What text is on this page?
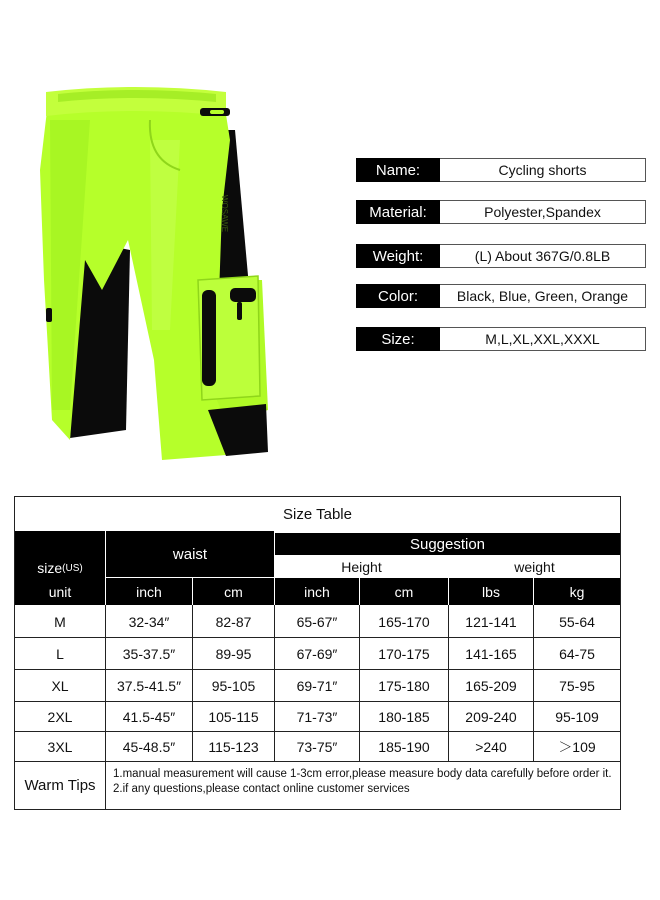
WOSAWE
Name:	Cycling shorts
Material:	Polyester,Spandex
Weight:	(L) About 367G/0.8LB
Color:	Black, Blue, Green, Orange
Size:	M,L,XL,XXL,XXXL
Size Table
size (US)
waist
Suggestion
Height	weight
unit	inch	cm	inch	cm	lbs	kg
M	32-34″	82-87	65-67″	165-170	121-141	55-64
L	35-37.5″	89-95	67-69″	170-175	141-165	64-75
XL	37.5-41.5″	95-105	69-71″	175-180	165-209	75-95
2XL	41.5-45″	105-115	71-73″	180-185	209-240	95-109
3XL	45-48.5″	115-123	73-75″	185-190	>240	＞109
Warm Tips
1.manual measurement will cause 1-3cm error,please measure body data carefully before order it.
2.if any questions,please contact online customer services
